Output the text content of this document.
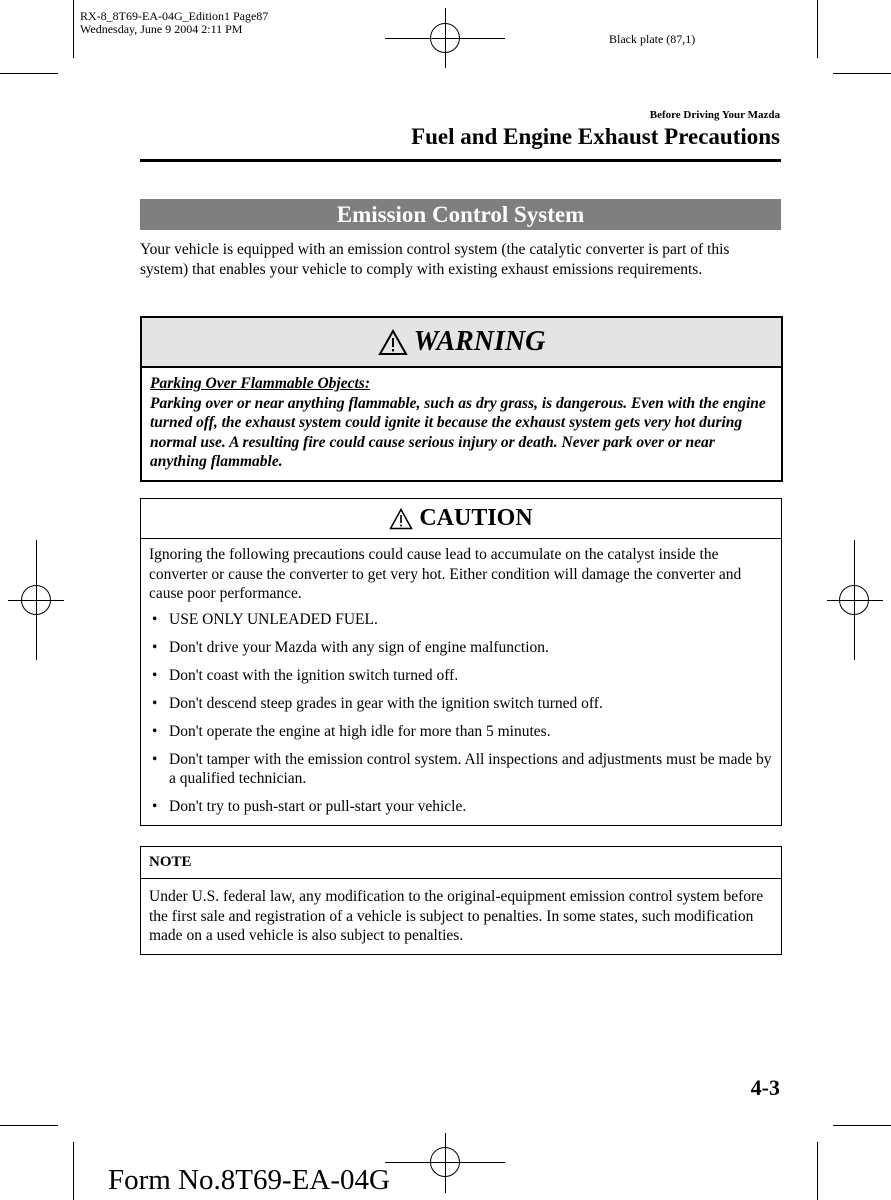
RX-8_8T69-EA-04G_Edition1 Page87
Wednesday, June 9 2004 2:11 PM
Black plate (87,1)
Before Driving Your Mazda
Fuel and Engine Exhaust Precautions
Emission Control System
Your vehicle is equipped with an emission control system (the catalytic converter is part of this system) that enables your vehicle to comply with existing exhaust emissions requirements.
WARNING
Parking Over Flammable Objects:
Parking over or near anything flammable, such as dry grass, is dangerous. Even with the engine turned off, the exhaust system could ignite it because the exhaust system gets very hot during normal use. A resulting fire could cause serious injury or death. Never park over or near anything flammable.
CAUTION
Ignoring the following precautions could cause lead to accumulate on the catalyst inside the converter or cause the converter to get very hot. Either condition will damage the converter and cause poor performance.
• USE ONLY UNLEADED FUEL.
• Don't drive your Mazda with any sign of engine malfunction.
• Don't coast with the ignition switch turned off.
• Don't descend steep grades in gear with the ignition switch turned off.
• Don't operate the engine at high idle for more than 5 minutes.
• Don't tamper with the emission control system. All inspections and adjustments must be made by a qualified technician.
• Don't try to push-start or pull-start your vehicle.
NOTE
Under U.S. federal law, any modification to the original-equipment emission control system before the first sale and registration of a vehicle is subject to penalties. In some states, such modification made on a used vehicle is also subject to penalties.
4-3
Form No.8T69-EA-04G
